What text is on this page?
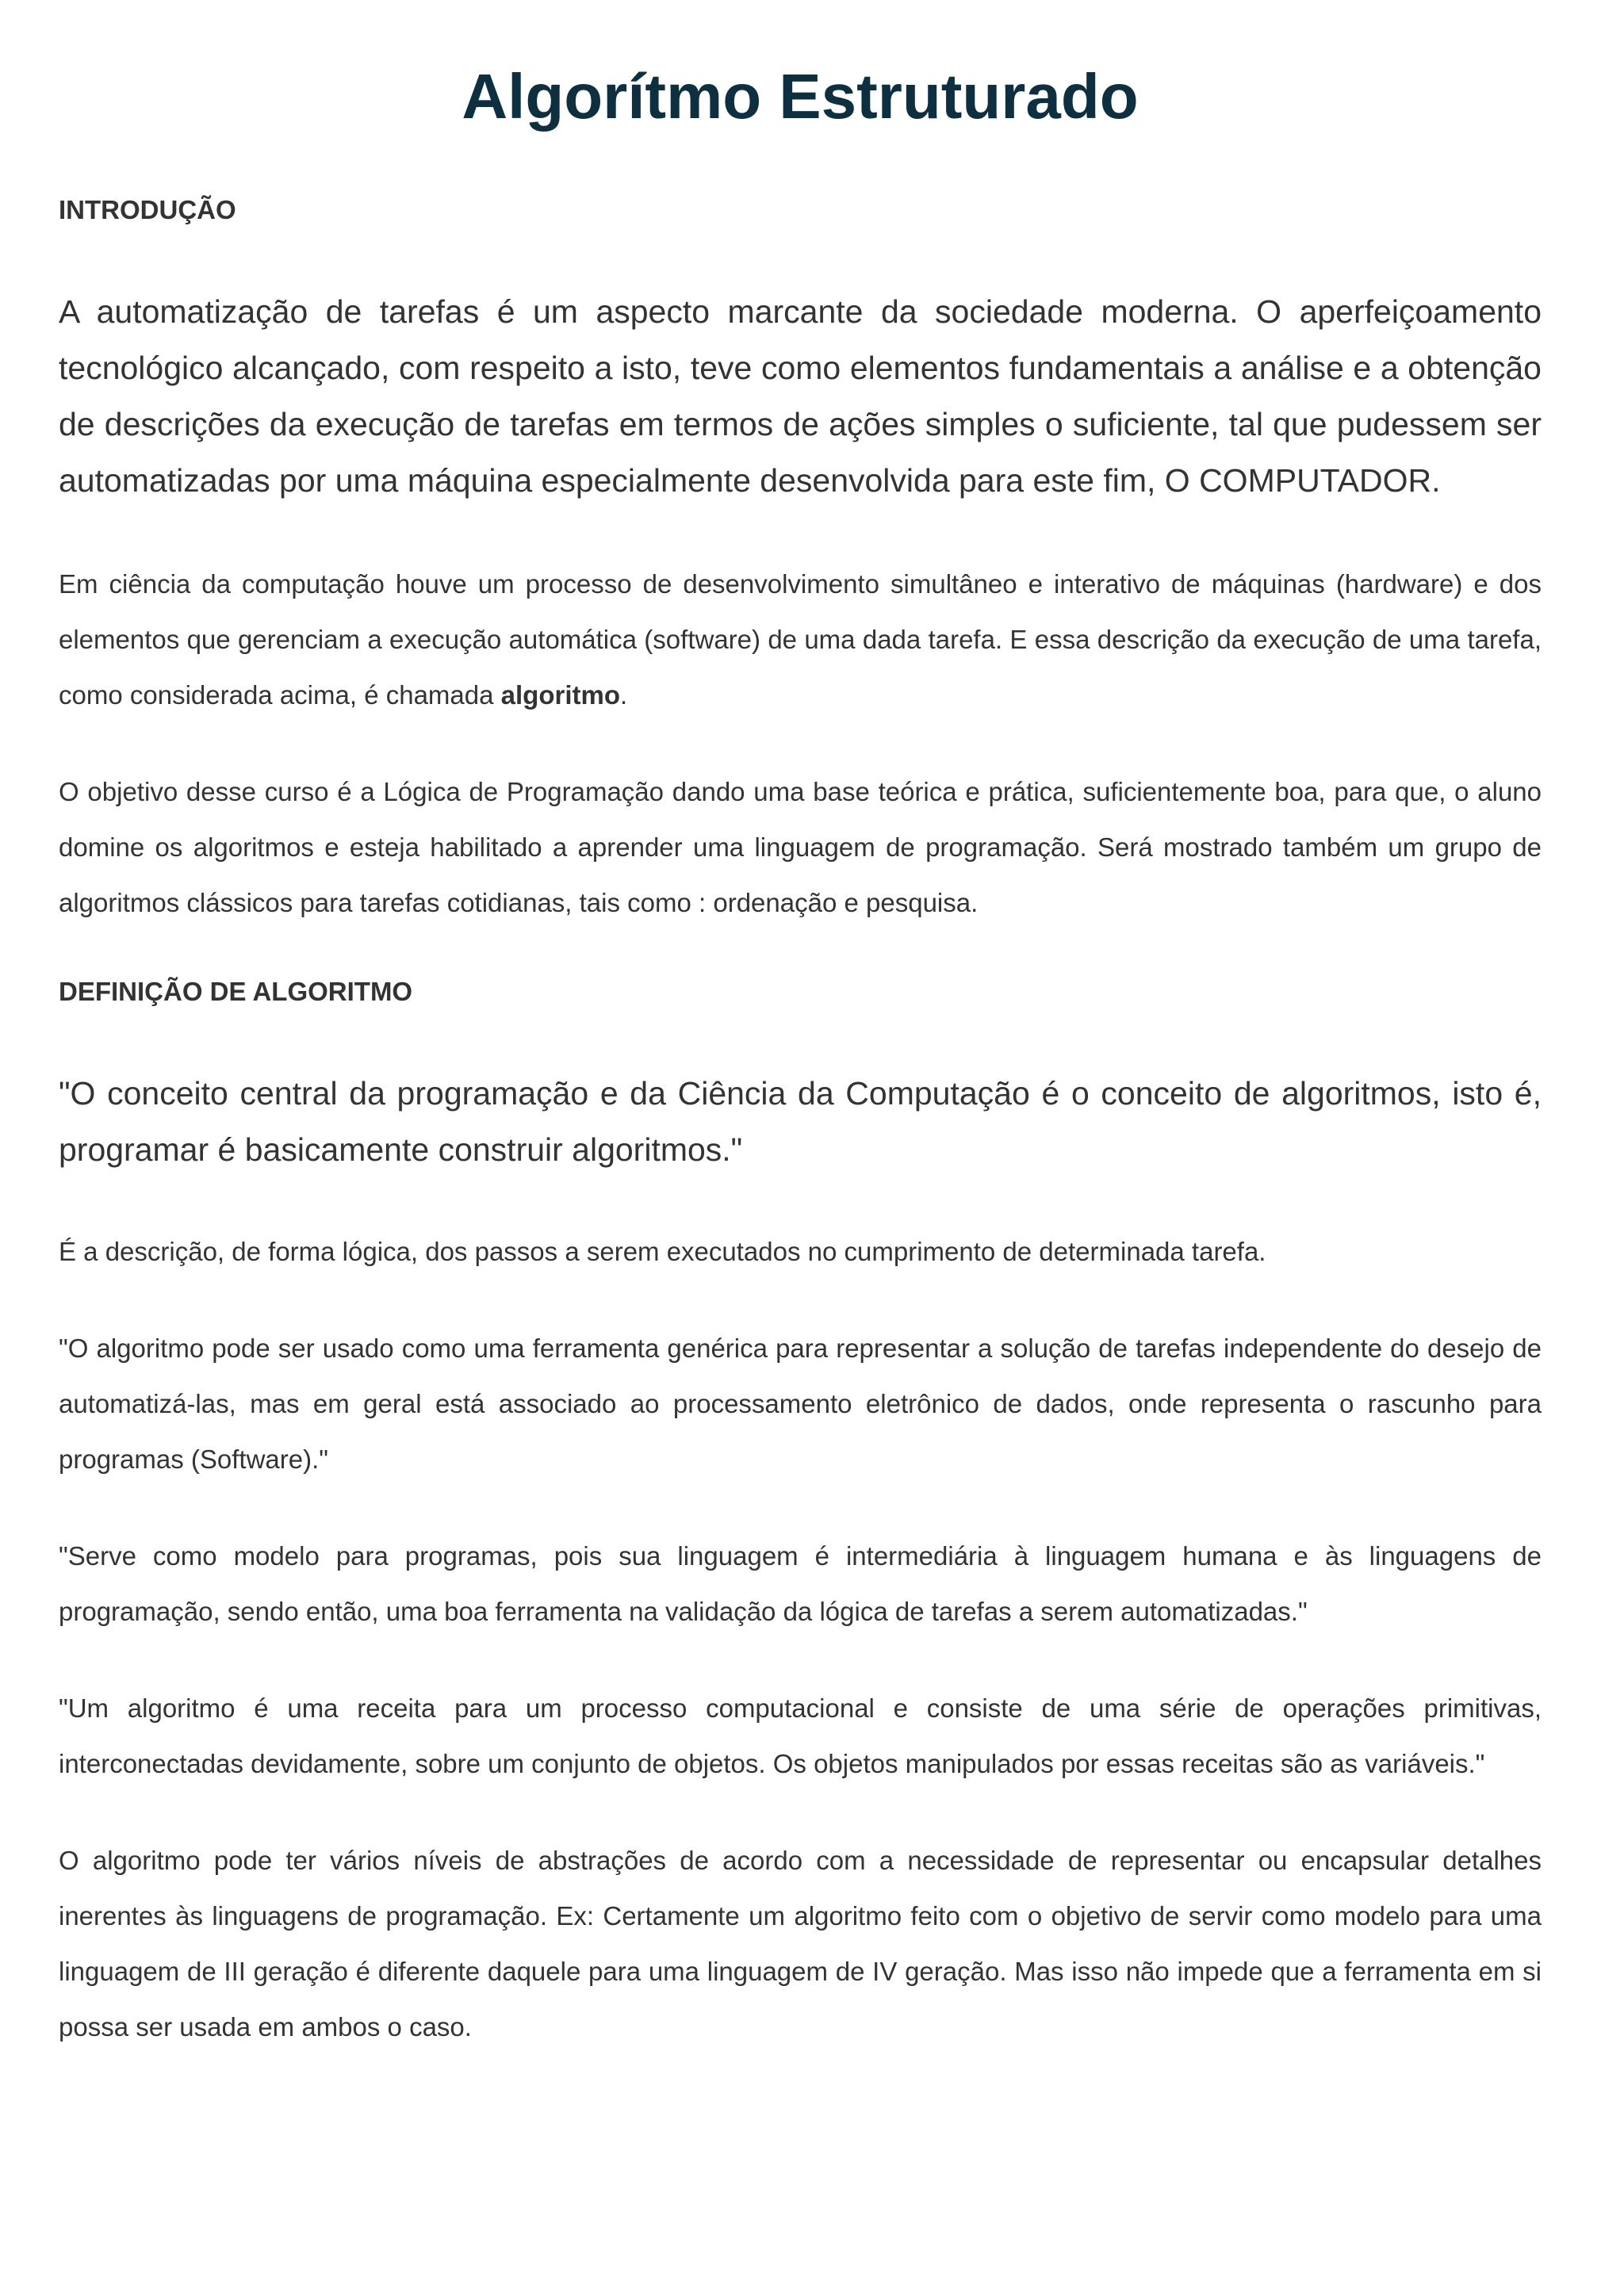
Algorítmo Estruturado
INTRODUÇÃO

A automatização de tarefas é um aspecto marcante da sociedade moderna. O aperfeiçoamento tecnológico alcançado, com respeito a isto, teve como elementos fundamentais a análise e a obtenção de descrições da execução de tarefas em termos de ações simples o suficiente, tal que pudessem ser automatizadas por uma máquina especialmente desenvolvida para este fim, O COMPUTADOR.

Em ciência da computação houve um processo de desenvolvimento simultâneo e interativo de máquinas (hardware) e dos elementos que gerenciam a execução automática (software) de uma dada tarefa. E essa descrição da execução de uma tarefa, como considerada acima, é chamada algoritmo.

O objetivo desse curso é a Lógica de Programação dando uma base teórica e prática, suficientemente boa, para que, o aluno domine os algoritmos e esteja habilitado a aprender uma linguagem de programação. Será mostrado também um grupo de algoritmos clássicos para tarefas cotidianas, tais como : ordenação e pesquisa.

DEFINIÇÃO DE ALGORITMO

"O conceito central da programação e da Ciência da Computação é o conceito de algoritmos, isto é, programar é basicamente construir algoritmos."

É a descrição, de forma lógica, dos passos a serem executados no cumprimento de determinada tarefa.

"O algoritmo pode ser usado como uma ferramenta genérica para representar a solução de tarefas independente do desejo de automatizá-las, mas em geral está associado ao processamento eletrônico de dados, onde representa o rascunho para programas (Software)."

"Serve como modelo para programas, pois sua linguagem é intermediária à linguagem humana e às linguagens de programação, sendo então, uma boa ferramenta na validação da lógica de tarefas a serem automatizadas."

"Um algoritmo é uma receita para um processo computacional e consiste de uma série de operações primitivas, interconectadas devidamente, sobre um conjunto de objetos. Os objetos manipulados por essas receitas são as variáveis."

O algoritmo pode ter vários níveis de abstrações de acordo com a necessidade de representar ou encapsular detalhes inerentes às linguagens de programação. Ex: Certamente um algoritmo feito com o objetivo de servir como modelo para uma linguagem de III geração é diferente daquele para uma linguagem de IV geração. Mas isso não impede que a ferramenta em si possa ser usada em ambos o caso.
